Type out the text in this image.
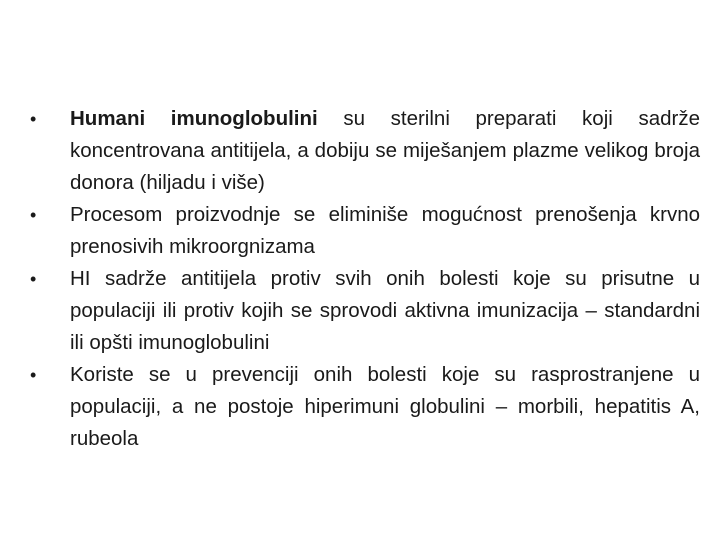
•	Humani imunoglobulini su sterilni preparati koji sadrže koncentrovana antitijela, a dobiju se miješanjem plazme velikog broja donora (hiljadu i više)
•	Procesom proizvodnje se eliminiše mogućnost prenošenja krvno prenosivih mikroorgnizama
•	HI sadrže antitijela protiv svih onih bolesti koje su prisutne u populaciji ili protiv kojih se sprovodi aktivna imunizacija – standardni ili opšti imunoglobulini
•	Koriste se u prevenciji onih bolesti koje su rasprostranjene u populaciji, a ne postoje hiperimuni globulini – morbili, hepatitis A, rubeola
